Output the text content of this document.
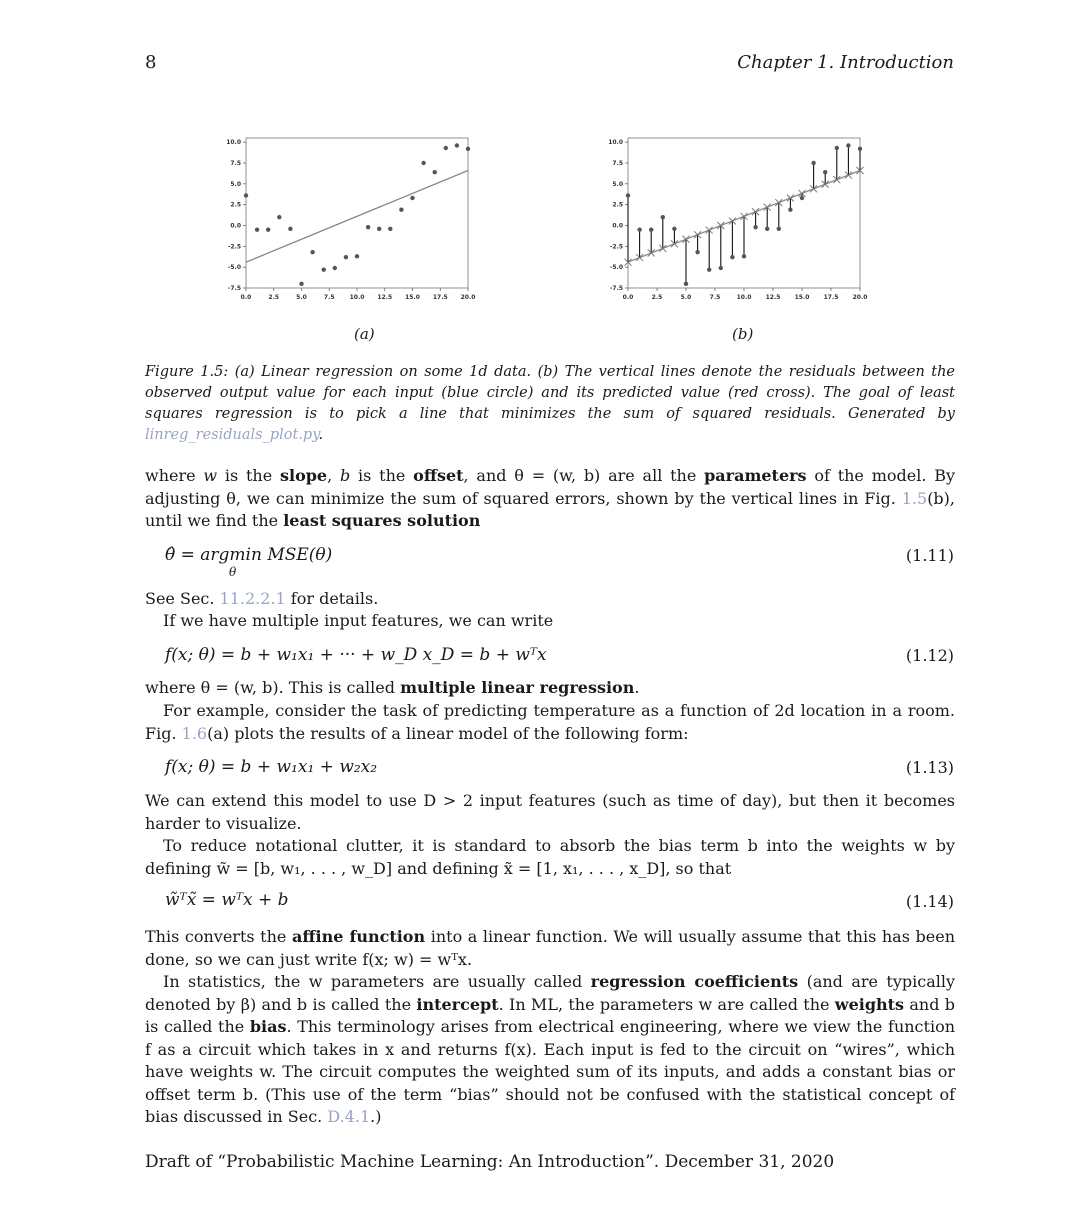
8	Chapter 1. Introduction
10.0
7.5
5.0
2.5
0.0
-2.5
-5.0
-7.5
0.0	2.5	5.0	7.5	10.0 12.5 15.0 17.5 20.0
10.0
7.5
5.0
2.5
0.0
-2.5
-5.0
-7.5
0.0	2.5	5.0	7.5	10.0 12.5 15.0 17.5 20.0
(a)	(b)
Figure 1.5: (a) Linear regression on some 1d data. (b) The vertical lines denote the residuals between the observed output value for each input (blue circle) and its predicted value (red cross). The goal of least squares regression is to pick a line that minimizes the sum of squared residuals. Generated by linreg_residuals_plot.py.
where w is the slope, b is the offset, and θ = (w, b) are all the parameters of the model. By adjusting θ, we can minimize the sum of squared errors, shown by the vertical lines in Fig. 1.5(b), until we find the least squares solution
θ̂ = argmin MSE(θ)
θ
(1.11)
See Sec. 11.2.2.1 for details.
If we have multiple input features, we can write
f(x; θ) = b + w₁x₁ + ··· + w_D x_D = b + wᵀx	(1.12)
where θ = (w, b). This is called multiple linear regression.
For example, consider the task of predicting temperature as a function of 2d location in a room. Fig. 1.6(a) plots the results of a linear model of the following form:
f(x; θ) = b + w₁x₁ + w₂x₂	(1.13)
We can extend this model to use D > 2 input features (such as time of day), but then it becomes harder to visualize.
To reduce notational clutter, it is standard to absorb the bias term b into the weights w by defining w̃ = [b, w₁, . . . , w_D] and defining x̃ = [1, x₁, . . . , x_D], so that
w̃ᵀx̃ = wᵀx + b	(1.14)
This converts the affine function into a linear function. We will usually assume that this has been done, so we can just write f(x; w) = wᵀx.
In statistics, the w parameters are usually called regression coefficients (and are typically denoted by β) and b is called the intercept. In ML, the parameters w are called the weights and b is called the bias. This terminology arises from electrical engineering, where we view the function f as a circuit which takes in x and returns f(x). Each input is fed to the circuit on “wires”, which have weights w. The circuit computes the weighted sum of its inputs, and adds a constant bias or offset term b. (This use of the term “bias” should not be confused with the statistical concept of bias discussed in Sec. D.4.1.)
Draft of “Probabilistic Machine Learning: An Introduction”. December 31, 2020
